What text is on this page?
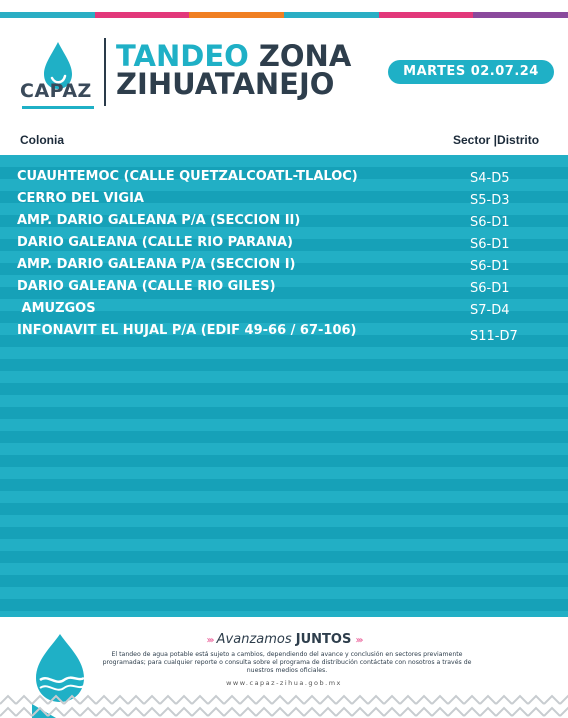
CAPAZ
TANDEO ZONA
ZIHUATANEJO	MARTES 02.07.24
Colonia	Sector |Distrito
CUAUHTEMOC (CALLE QUETZALCOATL-TLALOC)	S4-D5
CERRO DEL VIGIA	S5-D3
AMP. DARIO GALEANA P/A (SECCION II)	S6-D1
DARIO GALEANA (CALLE RIO PARANA)	S6-D1
AMP. DARIO GALEANA P/A (SECCION I)	S6-D1
DARIO GALEANA (CALLE RIO GILES)	S6-D1
AMUZGOS	S7-D4
INFONAVIT EL HUJAL P/A (EDIF 49-66 / 67-106)	S11-D7
››› Avanzamos JUNTOS ›››
El tandeo de agua potable está sujeto a cambios, dependiendo del avance y conclusión en sectores previamente programadas; para cualquier reporte o consulta sobre el programa de distribución contáctate con nosotros a través de nuestros medios oficiales.
www.capaz-zihua.gob.mx
